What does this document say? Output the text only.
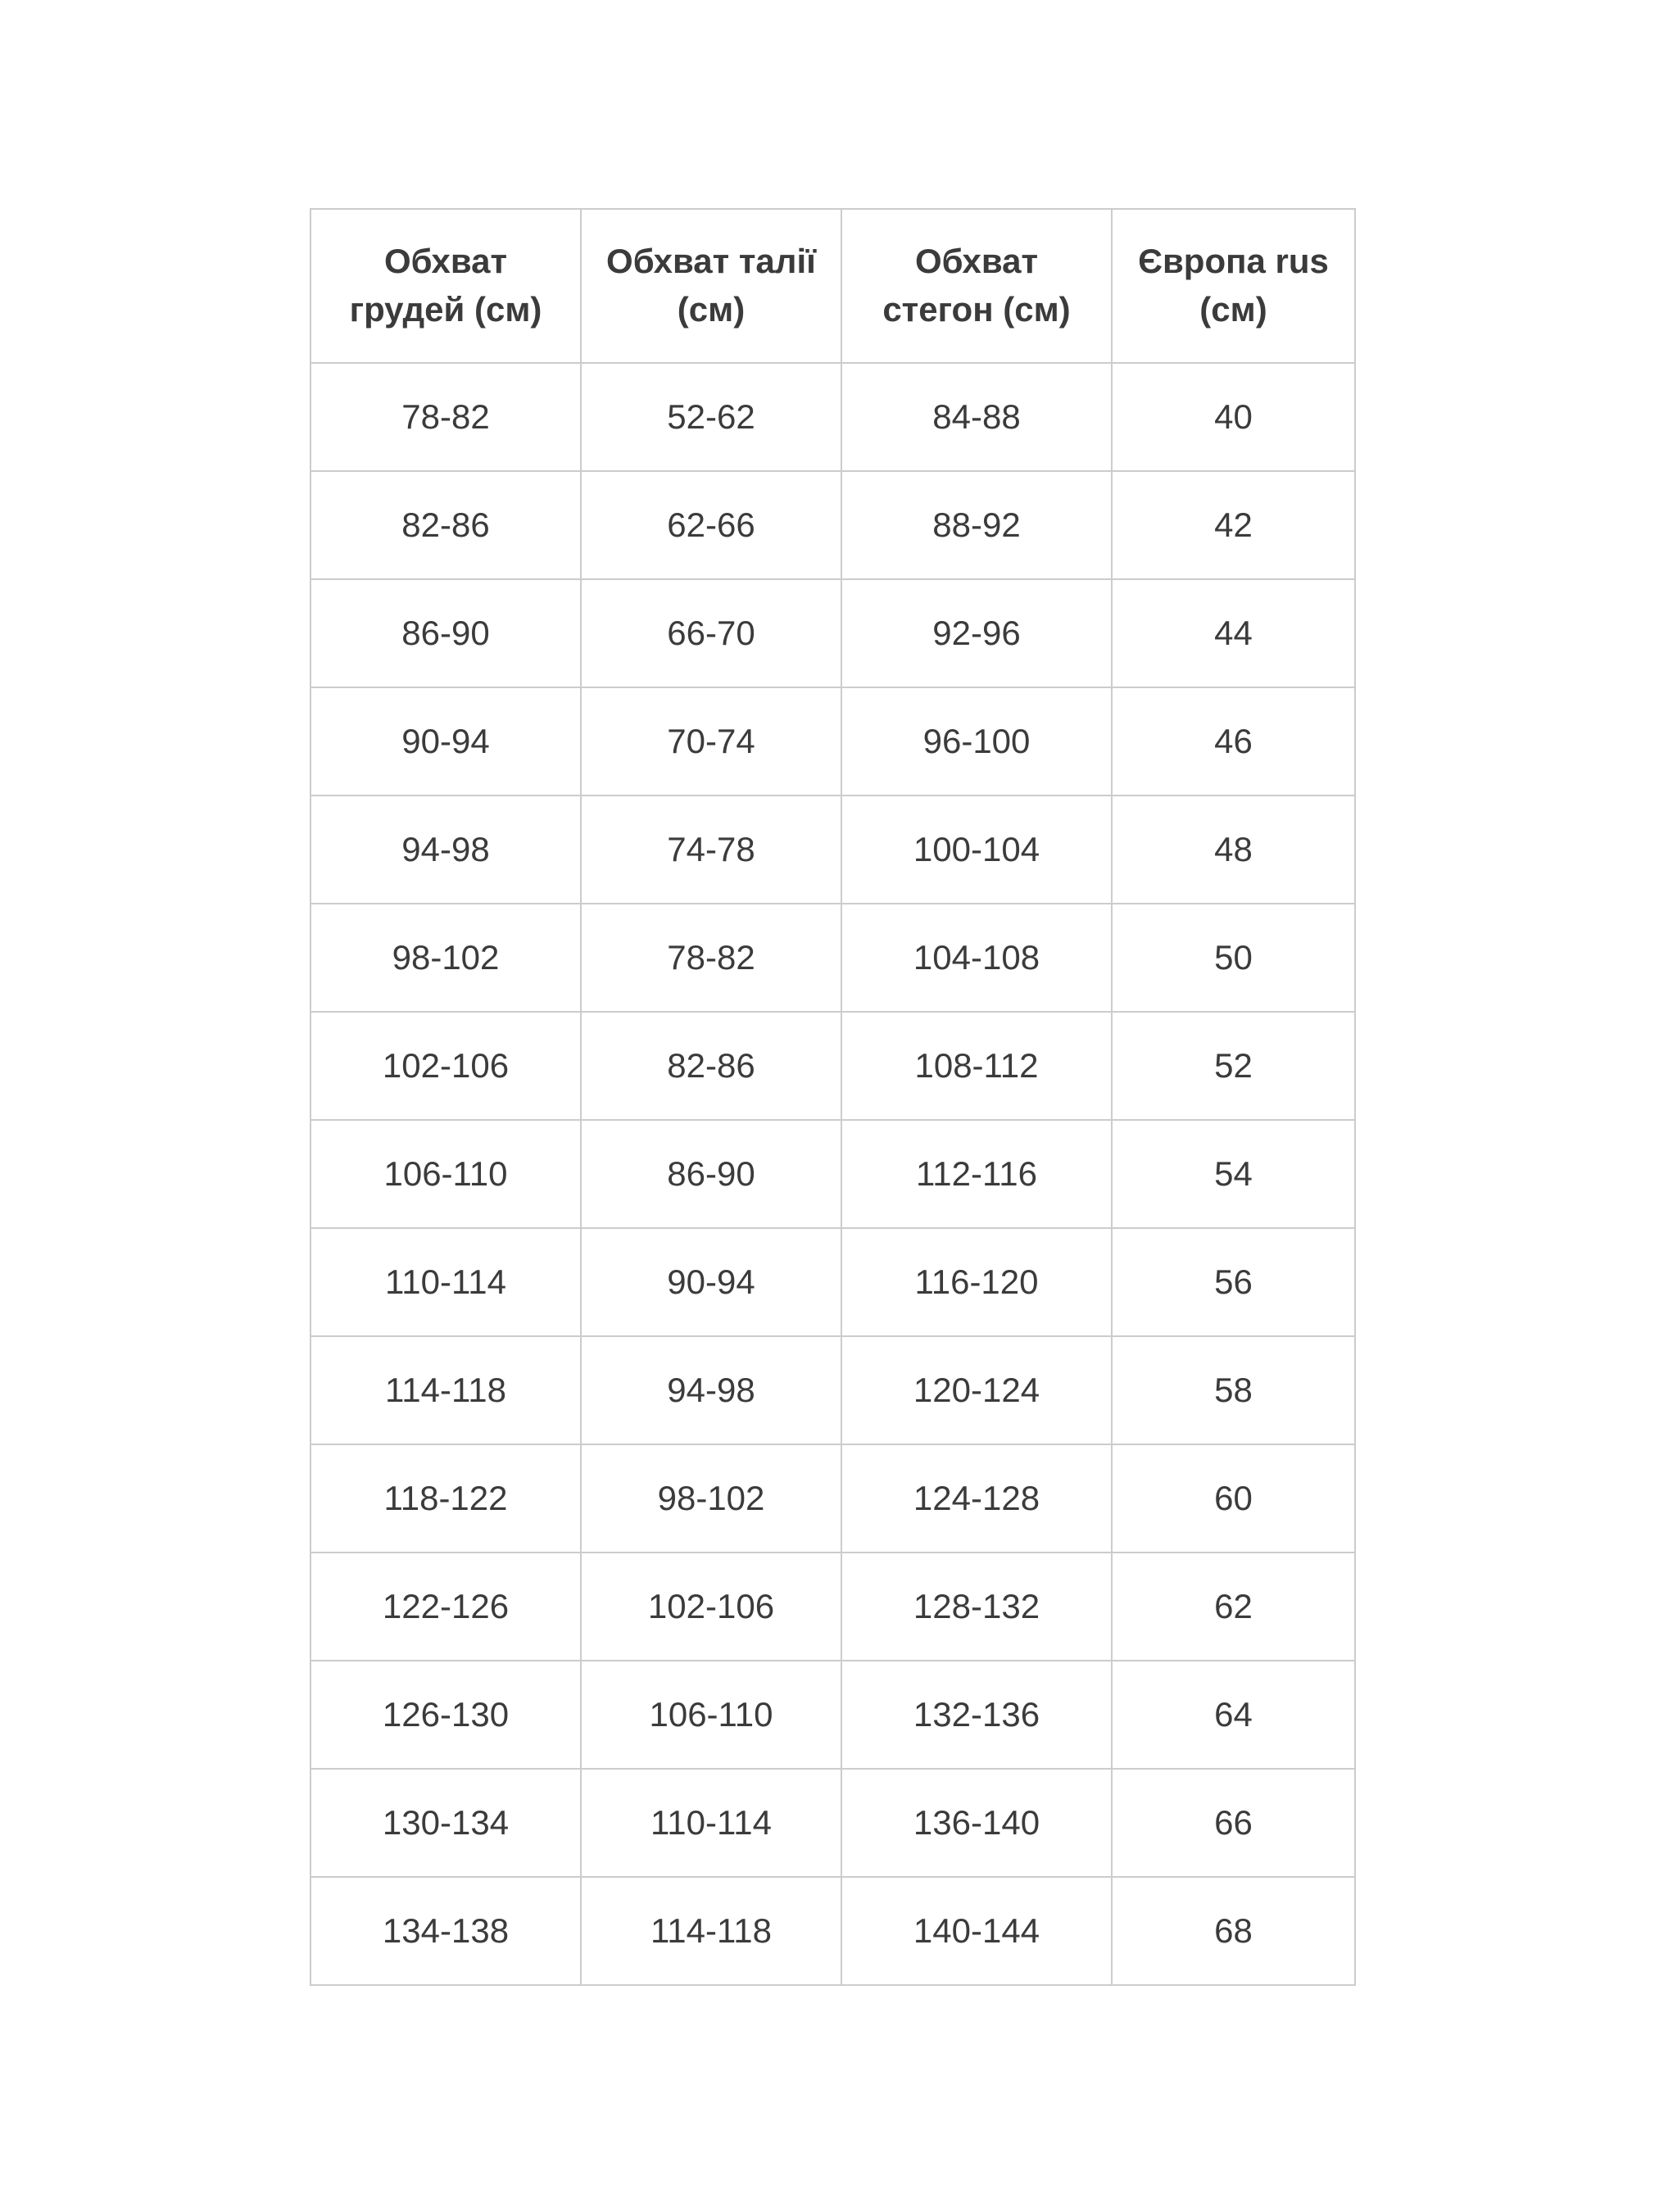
Обхват грудей (см)	Обхват талії (см)	Обхват стегон (см)	Європа rus (см)
78-82	52-62	84-88	40
82-86	62-66	88-92	42
86-90	66-70	92-96	44
90-94	70-74	96-100	46
94-98	74-78	100-104	48
98-102	78-82	104-108	50
102-106	82-86	108-112	52
106-110	86-90	112-116	54
110-114	90-94	116-120	56
114-118	94-98	120-124	58
118-122	98-102	124-128	60
122-126	102-106	128-132	62
126-130	106-110	132-136	64
130-134	110-114	136-140	66
134-138	114-118	140-144	68
